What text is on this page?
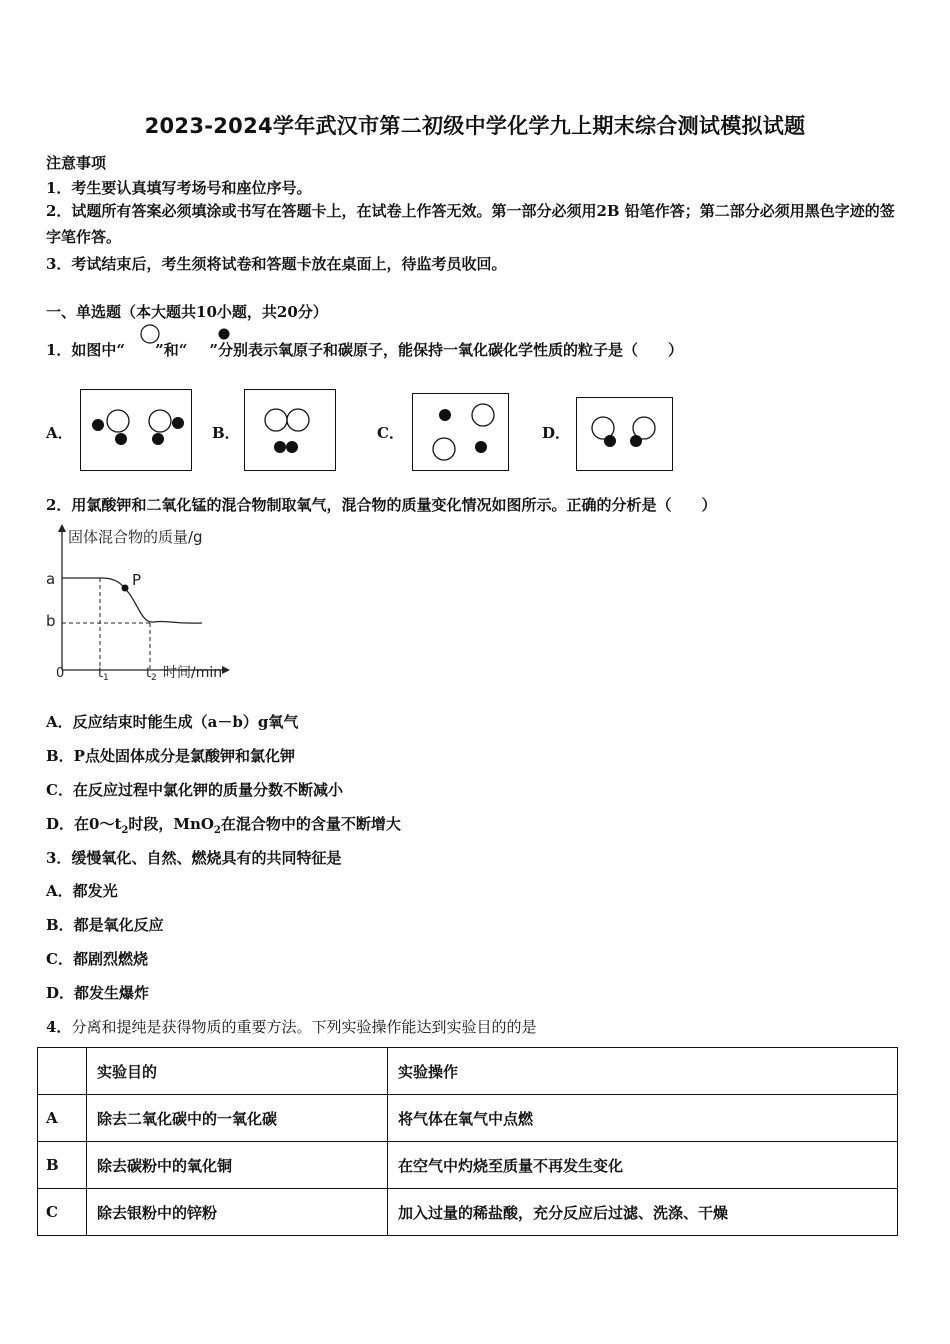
2023-2024学年武汉市第二初级中学化学九上期末综合测试模拟试题
注意事项
1．考生要认真填写考场号和座位序号。
2．试题所有答案必须填涂或书写在答题卡上，在试卷上作答无效。第一部分必须用2B 铅笔作答；第二部分必须用黑色字迹的签字笔作答。
3．考试结束后，考生须将试卷和答题卡放在桌面上，待监考员收回。
一、单选题（本大题共10小题，共20分）
1．如图中“ ”和“ ”分别表示氧原子和碳原子，能保持一氧化碳化学性质的粒子是（　　）
A．	B．	C．	D．
2．用氯酸钾和二氧化锰的混合物制取氧气，混合物的质量变化情况如图所示。正确的分析是（　　）
固体混合物的质量/g
a
b
P
0	t 1	t 2 时间/min
A．反应结束时能生成（a－b）g氧气
B．P点处固体成分是氯酸钾和氯化钾
C．在反应过程中氯化钾的质量分数不断减小
D．在$0\sim t_2$时段，MnO$_2$在混合物中的含量不断增大
3．缓慢氧化、自然、燃烧具有的共同特征是
A．都发光
B．都是氧化反应
C．都剧烈燃烧
D．都发生爆炸
4．分离和提纯是获得物质的重要方法。下列实验操作能达到实验目的的是
	实验目的	实验操作
A	除去二氧化碳中的一氧化碳	将气体在氧气中点燃
B	除去碳粉中的氧化铜	在空气中灼烧至质量不再发生变化
C	除去银粉中的锌粉	加入过量的稀盐酸，充分反应后过滤、洗涤、干燥
